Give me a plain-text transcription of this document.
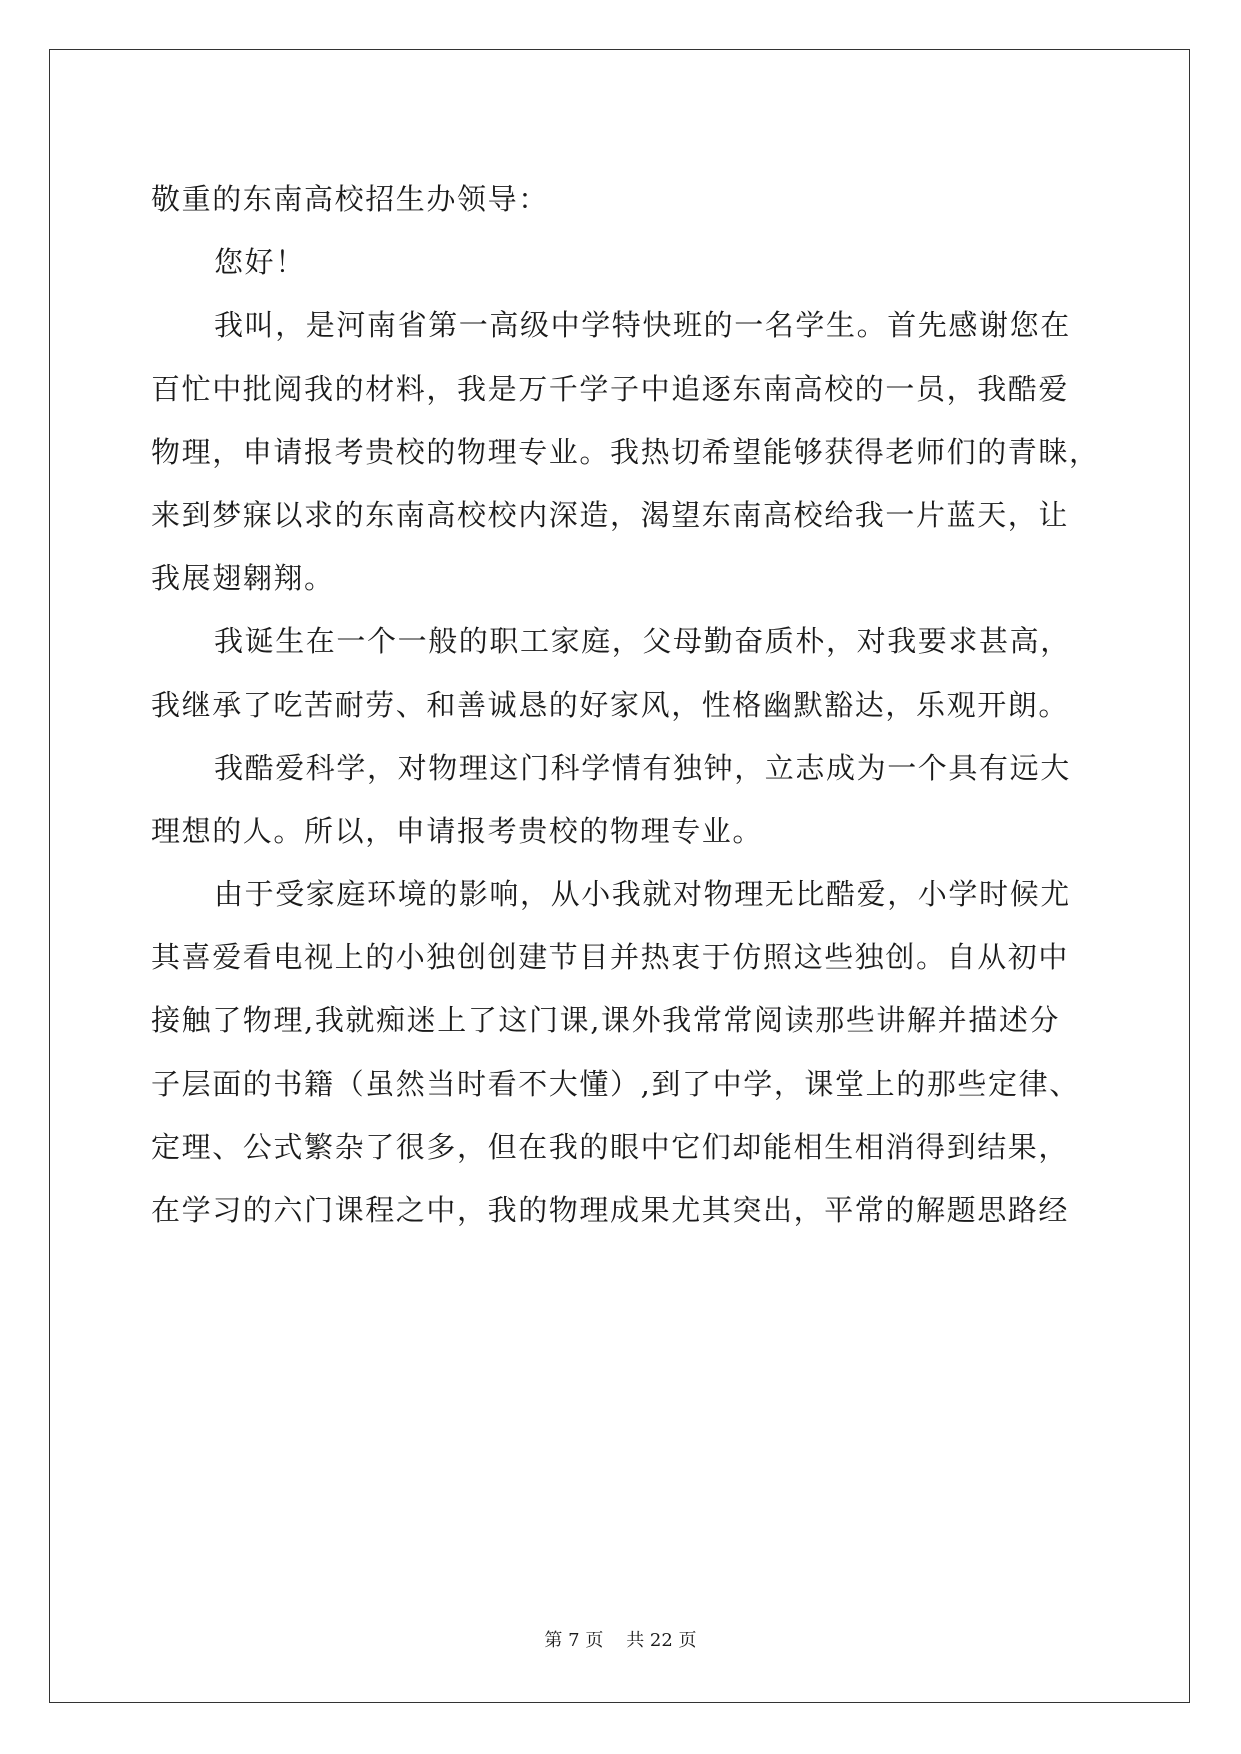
敬重的东南高校招生办领导：
您好！
我叫，是河南省第一高级中学特快班的一名学生。首先感谢您在
百忙中批阅我的材料，我是万千学子中追逐东南高校的一员，我酷爱
物理，申请报考贵校的物理专业。我热切希望能够获得老师们的青睐，
来到梦寐以求的东南高校校内深造，渴望东南高校给我一片蓝天，让
我展翅翱翔。
我诞生在一个一般的职工家庭，父母勤奋质朴，对我要求甚高，
我继承了吃苦耐劳、和善诚恳的好家风，性格幽默豁达，乐观开朗。
我酷爱科学，对物理这门科学情有独钟，立志成为一个具有远大
理想的人。所以，申请报考贵校的物理专业。
由于受家庭环境的影响，从小我就对物理无比酷爱，小学时候尤
其喜爱看电视上的小独创创建节目并热衷于仿照这些独创。自从初中
接触了物理,我就痴迷上了这门课,课外我常常阅读那些讲解并描述分
子层面的书籍（虽然当时看不大懂）,到了中学，课堂上的那些定律、
定理、公式繁杂了很多，但在我的眼中它们却能相生相消得到结果，
在学习的六门课程之中，我的物理成果尤其突出，平常的解题思路经
第 7 页    共 22 页
